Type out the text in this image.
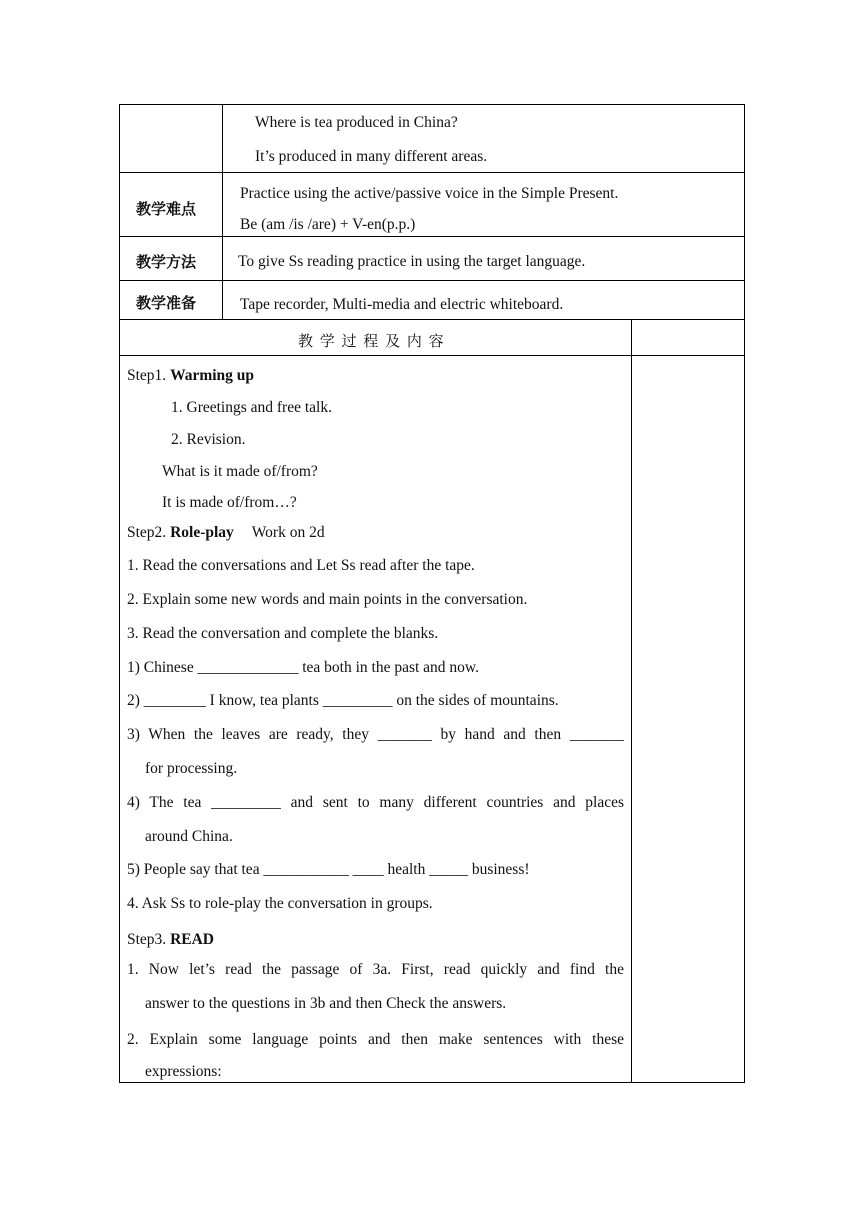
Where is tea produced in China?
It’s produced in many different areas.
教学难点
Practice using the active/passive voice in the Simple Present.
Be (am /is /are) + V-en(p.p.)
教学方法	To give Ss reading practice in using the target language.
教学准备	Tape recorder, Multi-media and electric whiteboard.
教 学 过 程 及 内 容
Step1. Warming up
1. Greetings and free talk.
2. Revision.
What is it made of/from?
It is made of/from…?
Step2. Role-play Work on 2d
1. Read the conversations and Let Ss read after the tape.
2. Explain some new words and main points in the conversation.
3. Read the conversation and complete the blanks.
1) Chinese _____________ tea both in the past and now.
2) ________ I know, tea plants _________ on the sides of mountains.
3) When the leaves are ready, they _______ by hand and then _______
for processing.
4) The tea _________ and sent to many different countries and places
around China.
5) People say that tea ___________ ____ health _____ business!
4. Ask Ss to role-play the conversation in groups.
Step3. READ
1. Now let’s read the passage of 3a. First, read quickly and find the
answer to the questions in 3b and then Check the answers.
2. Explain some language points and then make sentences with these
expressions:
